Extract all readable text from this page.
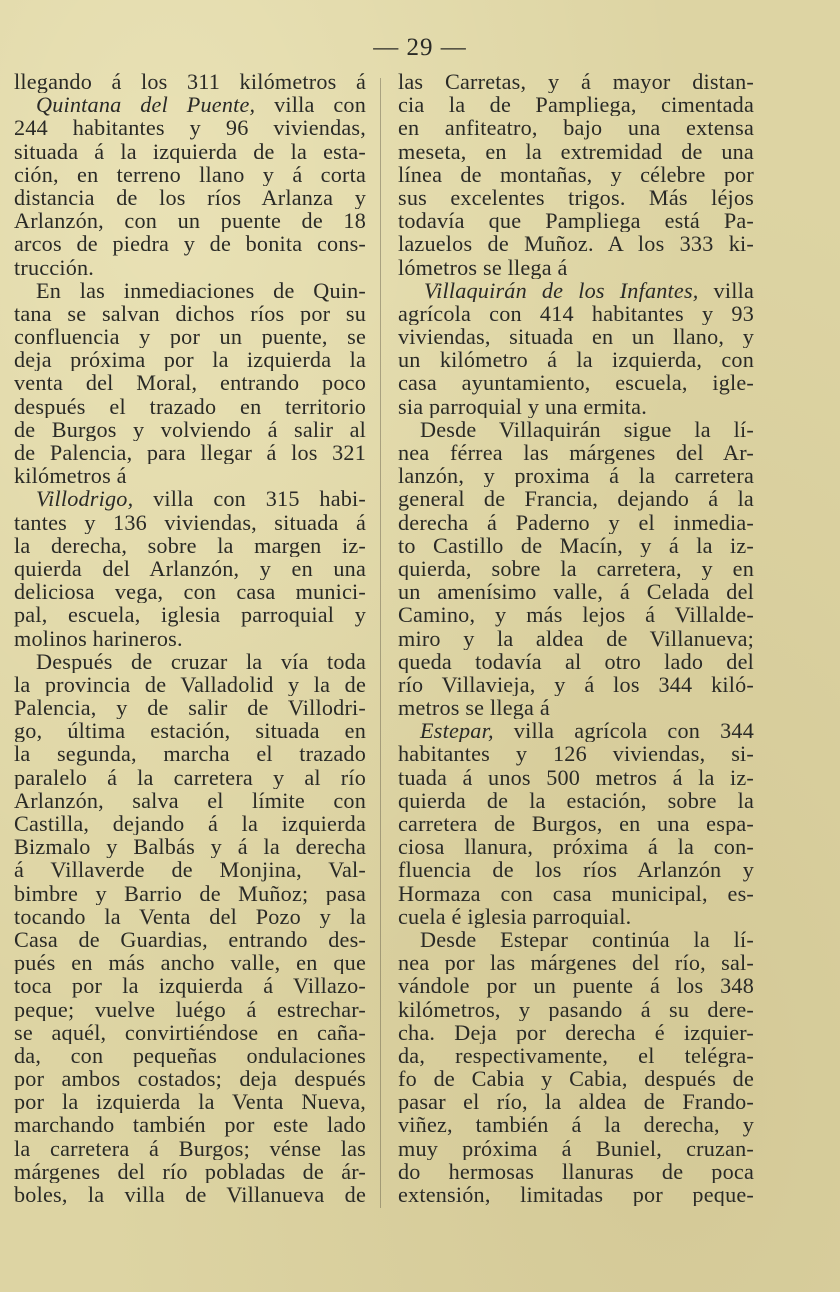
— 29 —
llegando á los 311 kilómetros á
Quintana del Puente, villa con
244 habitantes y 96 viviendas,
situada á la izquierda de la esta-
ción, en terreno llano y á corta
distancia de los ríos Arlanza y
Arlanzón, con un puente de 18
arcos de piedra y de bonita cons-
trucción.
En las inmediaciones de Quin-
tana se salvan dichos ríos por su
confluencia y por un puente, se
deja próxima por la izquierda la
venta del Moral, entrando poco
después el trazado en territorio
de Burgos y volviendo á salir al
de Palencia, para llegar á los 321
kilómetros á
Villodrigo, villa con 315 habi-
tantes y 136 viviendas, situada á
la derecha, sobre la margen iz-
quierda del Arlanzón, y en una
deliciosa vega, con casa munici-
pal, escuela, iglesia parroquial y
molinos harineros.
Después de cruzar la vía toda
la provincia de Valladolid y la de
Palencia, y de salir de Villodri-
go, última estación, situada en
la segunda, marcha el trazado
paralelo á la carretera y al río
Arlanzón, salva el límite con
Castilla, dejando á la izquierda
Bizmalo y Balbás y á la derecha
á Villaverde de Monjina, Val-
bimbre y Barrio de Muñoz; pasa
tocando la Venta del Pozo y la
Casa de Guardias, entrando des-
pués en más ancho valle, en que
toca por la izquierda á Villazo-
peque; vuelve luégo á estrechar-
se aquél, convirtiéndose en caña-
da, con pequeñas ondulaciones
por ambos costados; deja después
por la izquierda la Venta Nueva,
marchando también por este lado
la carretera á Burgos; vénse las
márgenes del río pobladas de ár-
boles, la villa de Villanueva de
las Carretas, y á mayor distan-
cia la de Pampliega, cimentada
en anfiteatro, bajo una extensa
meseta, en la extremidad de una
línea de montañas, y célebre por
sus excelentes trigos. Más léjos
todavía que Pampliega está Pa-
lazuelos de Muñoz. A los 333 ki-
lómetros se llega á
Villaquirán de los Infantes, villa
agrícola con 414 habitantes y 93
viviendas, situada en un llano, y
un kilómetro á la izquierda, con
casa ayuntamiento, escuela, igle-
sia parroquial y una ermita.
Desde Villaquirán sigue la lí-
nea férrea las márgenes del Ar-
lanzón, y proxima á la carretera
general de Francia, dejando á la
derecha á Paderno y el inmedia-
to Castillo de Macín, y á la iz-
quierda, sobre la carretera, y en
un amenísimo valle, á Celada del
Camino, y más lejos á Villalde-
miro y la aldea de Villanueva;
queda todavía al otro lado del
río Villavieja, y á los 344 kiló-
metros se llega á
Estepar, villa agrícola con 344
habitantes y 126 viviendas, si-
tuada á unos 500 metros á la iz-
quierda de la estación, sobre la
carretera de Burgos, en una espa-
ciosa llanura, próxima á la con-
fluencia de los ríos Arlanzón y
Hormaza con casa municipal, es-
cuela é iglesia parroquial.
Desde Estepar continúa la lí-
nea por las márgenes del río, sal-
vándole por un puente á los 348
kilómetros, y pasando á su dere-
cha. Deja por derecha é izquier-
da, respectivamente, el telégra-
fo de Cabia y Cabia, después de
pasar el río, la aldea de Frando-
viñez, también á la derecha, y
muy próxima á Buniel, cruzan-
do hermosas llanuras de poca
extensión, limitadas por peque-
